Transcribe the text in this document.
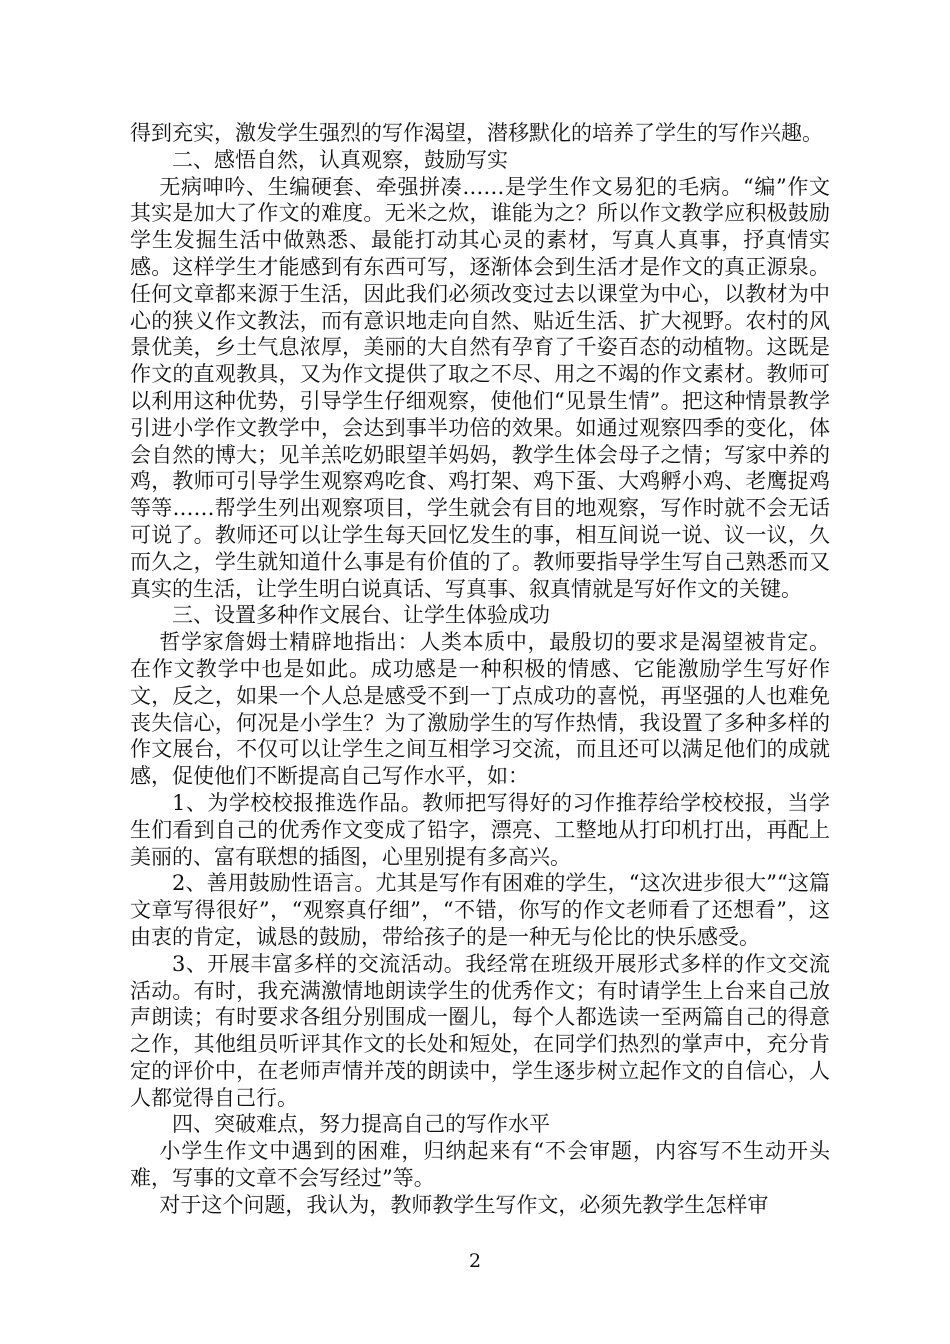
得到充实，激发学生强烈的写作渴望，潜移默化的培养了学生的写作兴趣。

二、感悟自然，认真观察，鼓励写实

无病呻吟、生编硬套、牵强拼凑……是学生作文易犯的毛病。“编”作文其实是加大了作文的难度。无米之炊，谁能为之？所以作文教学应积极鼓励学生发掘生活中做熟悉、最能打动其心灵的素材，写真人真事，抒真情实感。这样学生才能感到有东西可写，逐渐体会到生活才是作文的真正源泉。任何文章都来源于生活，因此我们必须改变过去以课堂为中心，以教材为中心的狭义作文教法，而有意识地走向自然、贴近生活、扩大视野。农村的风景优美，乡土气息浓厚，美丽的大自然有孕育了千姿百态的动植物。这既是作文的直观教具，又为作文提供了取之不尽、用之不竭的作文素材。教师可以利用这种优势，引导学生仔细观察，使他们“见景生情”。把这种情景教学引进小学作文教学中，会达到事半功倍的效果。如通过观察四季的变化，体会自然的博大；见羊羔吃奶眼望羊妈妈，教学生体会母子之情；写家中养的鸡，教师可引导学生观察鸡吃食、鸡打架、鸡下蛋、大鸡孵小鸡、老鹰捉鸡等等……帮学生列出观察项目，学生就会有目的地观察，写作时就不会无话可说了。教师还可以让学生每天回忆发生的事，相互间说一说、议一议，久而久之，学生就知道什么事是有价值的了。教师要指导学生写自己熟悉而又真实的生活，让学生明白说真话、写真事、叙真情就是写好作文的关键。

三、设置多种作文展台、让学生体验成功

哲学家詹姆士精辟地指出：人类本质中，最殷切的要求是渴望被肯定。在作文教学中也是如此。成功感是一种积极的情感、它能激励学生写好作文，反之，如果一个人总是感受不到一丁点成功的喜悦，再坚强的人也难免丧失信心，何况是小学生？为了激励学生的写作热情，我设置了多种多样的作文展台，不仅可以让学生之间互相学习交流，而且还可以满足他们的成就感，促使他们不断提高自己写作水平，如：

1、为学校校报推选作品。教师把写得好的习作推荐给学校校报，当学生们看到自己的优秀作文变成了铅字，漂亮、工整地从打印机打出，再配上美丽的、富有联想的插图，心里别提有多高兴。

2、善用鼓励性语言。尤其是写作有困难的学生，“这次进步很大”“这篇文章写得很好”，“观察真仔细”，“不错，你写的作文老师看了还想看”，这由衷的肯定，诚恳的鼓励，带给孩子的是一种无与伦比的快乐感受。

3、开展丰富多样的交流活动。我经常在班级开展形式多样的作文交流活动。有时，我充满激情地朗读学生的优秀作文；有时请学生上台来自己放声朗读；有时要求各组分别围成一圈儿，每个人都选读一至两篇自己的得意之作，其他组员听评其作文的长处和短处，在同学们热烈的掌声中，充分肯定的评价中，在老师声情并茂的朗读中，学生逐步树立起作文的自信心，人人都觉得自己行。

四、突破难点，努力提高自己的写作水平

小学生作文中遇到的困难，归纳起来有“不会审题，内容写不生动开头难，写事的文章不会写经过”等。

对于这个问题，我认为，教师教学生写作文，必须先教学生怎样审

2
